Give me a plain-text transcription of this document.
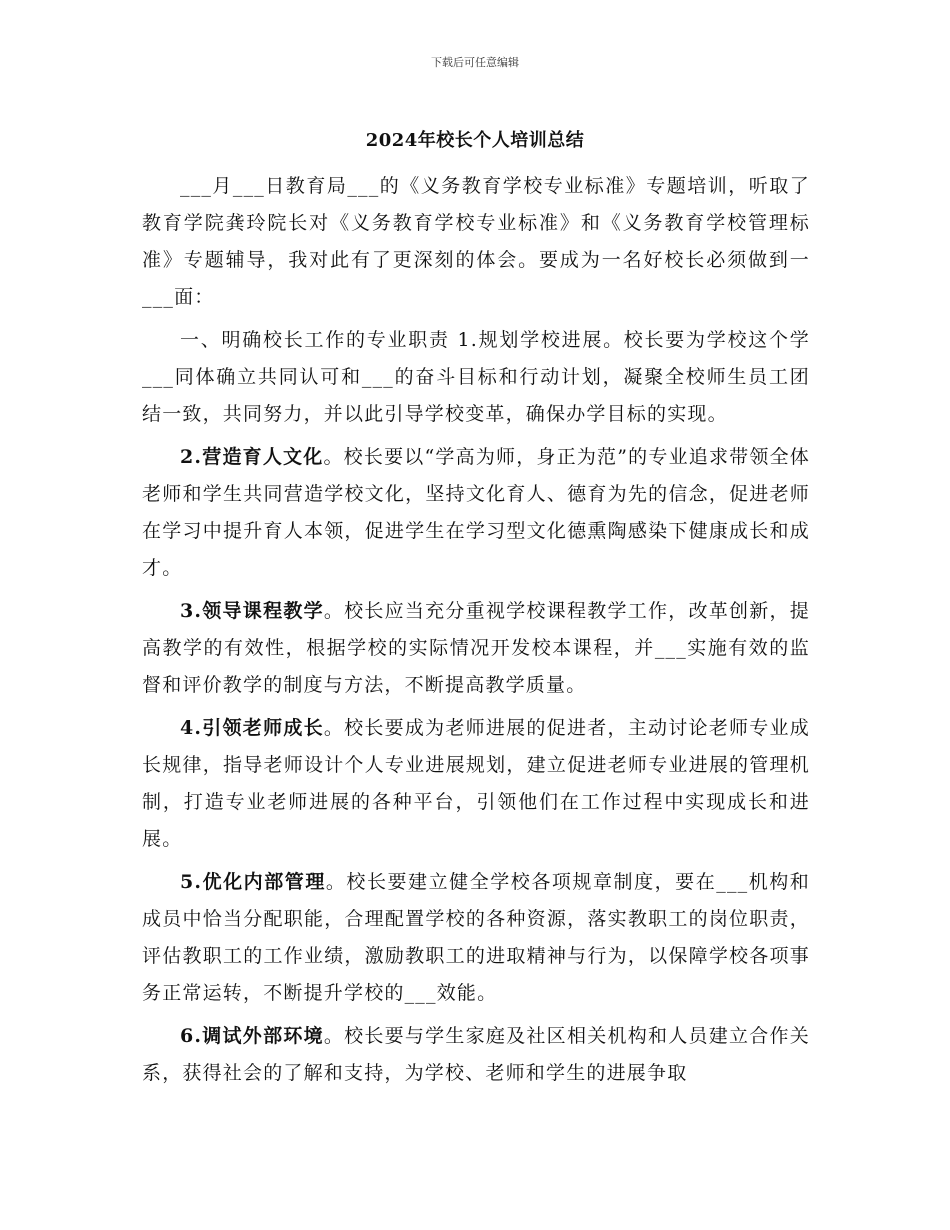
下载后可任意编辑
2024年校长个人培训总结

___月___日教育局___的《义务教育学校专业标准》专题培训，听取了教育学院龚玲院长对《义务教育学校专业标准》和《义务教育学校管理标准》专题辅导，我对此有了更深刻的体会。要成为一名好校长必须做到一___面：

一、明确校长工作的专业职责 1.规划学校进展。校长要为学校这个学___同体确立共同认可和___的奋斗目标和行动计划，凝聚全校师生员工团结一致，共同努力，并以此引导学校变革，确保办学目标的实现。

2.营造育人文化。校长要以“学高为师，身正为范”的专业追求带领全体老师和学生共同营造学校文化，坚持文化育人、德育为先的信念，促进老师在学习中提升育人本领，促进学生在学习型文化德熏陶感染下健康成长和成才。

3.领导课程教学。校长应当充分重视学校课程教学工作，改革创新，提高教学的有效性，根据学校的实际情况开发校本课程，并___实施有效的监督和评价教学的制度与方法，不断提高教学质量。

4.引领老师成长。校长要成为老师进展的促进者，主动讨论老师专业成长规律，指导老师设计个人专业进展规划，建立促进老师专业进展的管理机制，打造专业老师进展的各种平台，引领他们在工作过程中实现成长和进展。

5.优化内部管理。校长要建立健全学校各项规章制度，要在___机构和成员中恰当分配职能，合理配置学校的各种资源，落实教职工的岗位职责，评估教职工的工作业绩，激励教职工的进取精神与行为，以保障学校各项事务正常运转，不断提升学校的___效能。

6.调试外部环境。校长要与学生家庭及社区相关机构和人员建立合作关系，获得社会的了解和支持，为学校、老师和学生的进展争取
